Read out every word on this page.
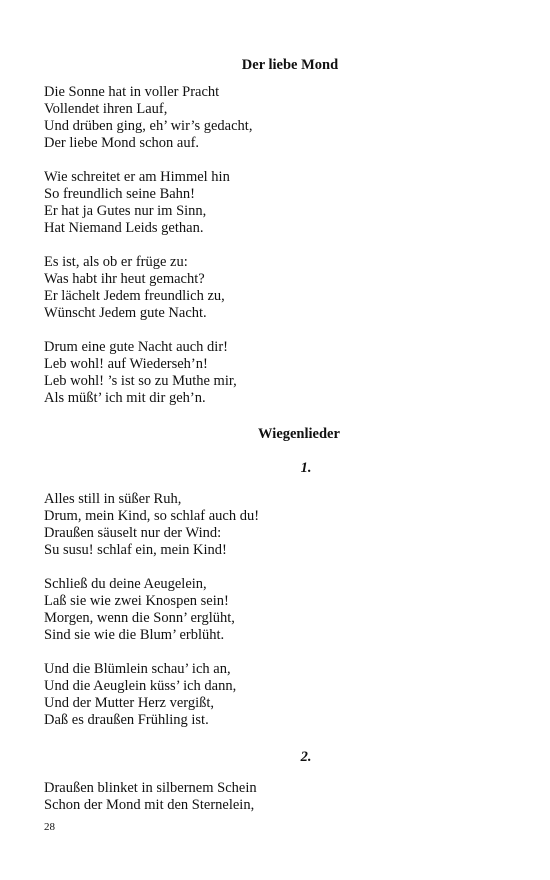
Der liebe Mond
Die Sonne hat in voller Pracht
Vollendet ihren Lauf,
Und drüben ging, eh’ wir’s gedacht,
Der liebe Mond schon auf.
Wie schreitet er am Himmel hin
So freundlich seine Bahn!
Er hat ja Gutes nur im Sinn,
Hat Niemand Leids gethan.
Es ist, als ob er früge zu:
Was habt ihr heut gemacht?
Er lächelt Jedem freundlich zu,
Wünscht Jedem gute Nacht.
Drum eine gute Nacht auch dir!
Leb wohl! auf Wiederseh’n!
Leb wohl! ’s ist so zu Muthe mir,
Als müßt’ ich mit dir geh’n.
Wiegenlieder
1.
Alles still in süßer Ruh,
Drum, mein Kind, so schlaf auch du!
Draußen säuselt nur der Wind:
Su susu! schlaf ein, mein Kind!
Schließ du deine Aeugelein,
Laß sie wie zwei Knospen sein!
Morgen, wenn die Sonn’ erglüht,
Sind sie wie die Blum’ erblüht.
Und die Blümlein schau’ ich an,
Und die Aeuglein küss’ ich dann,
Und der Mutter Herz vergißt,
Daß es draußen Frühling ist.
2.
Draußen blinket in silbernem Schein
Schon der Mond mit den Sternelein,
28
